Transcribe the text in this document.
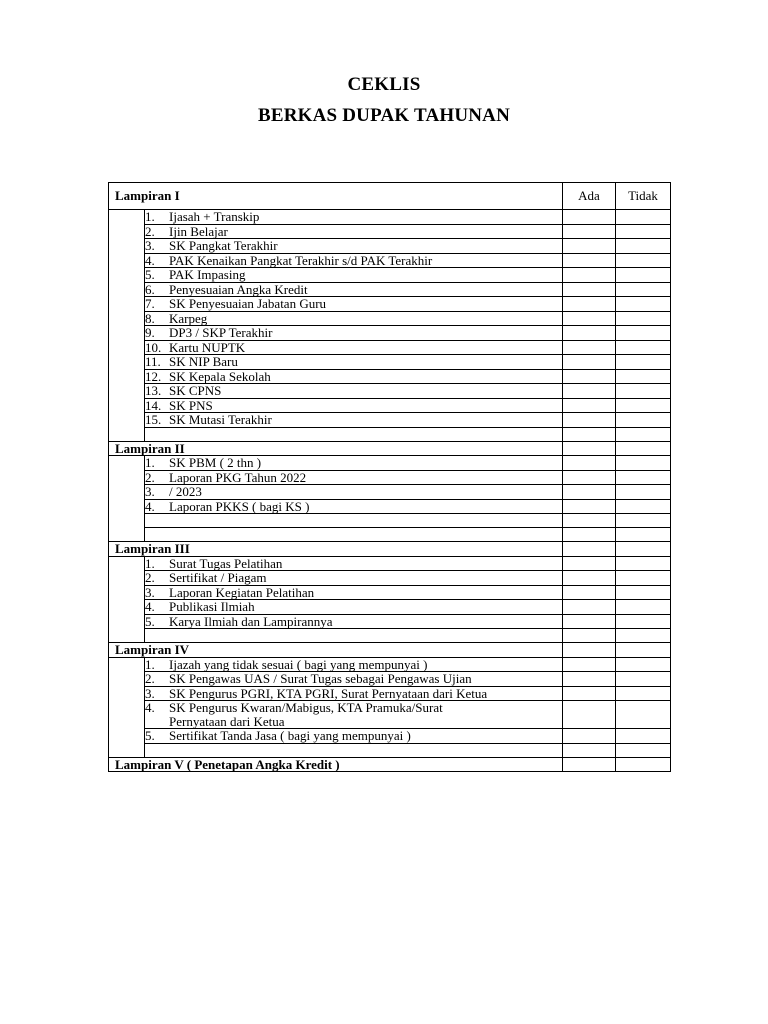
CEKLIS
BERKAS DUPAK TAHUNAN
Lampiran I		Ada	Tidak
	1. Ijasah + Transkip		
	2. Ijin Belajar		
	3. SK Pangkat Terakhir		
	4. PAK Kenaikan Pangkat Terakhir s/d PAK Terakhir		
	5. PAK Impasing		
	6. Penyesuaian Angka Kredit		
	7. SK Penyesuaian Jabatan Guru		
	8. Karpeg		
	9. DP3 / SKP Terakhir		
	10. Kartu NUPTK		
	11. SK NIP Baru		
	12. SK Kepala Sekolah		
	13. SK CPNS		
	14. SK PNS		
	15. SK Mutasi Terakhir		

Lampiran II			
	1. SK PBM ( 2 thn )		
	2. Laporan PKG Tahun 2022		
	3. / 2023		
	4. Laporan PKKS ( bagi KS )		

Lampiran III			
	1. Surat Tugas Pelatihan		
	2. Sertifikat / Piagam		
	3. Laporan Kegiatan Pelatihan		
	4. Publikasi Ilmiah		
	5. Karya Ilmiah dan Lampirannya		

Lampiran IV			
	1. Ijazah yang tidak sesuai ( bagi yang mempunyai )		
	2. SK Pengawas UAS / Surat Tugas sebagai Pengawas Ujian		
	3. SK Pengurus PGRI, KTA PGRI, Surat Pernyataan dari Ketua		
	4. SK Pengurus Kwaran/Mabigus, KTA Pramuka/Surat
Pernyataan dari Ketua		

	5. Sertifikat Tanda Jasa ( bagi yang mempunyai )		

Lampiran V ( Penetapan Angka Kredit )			
